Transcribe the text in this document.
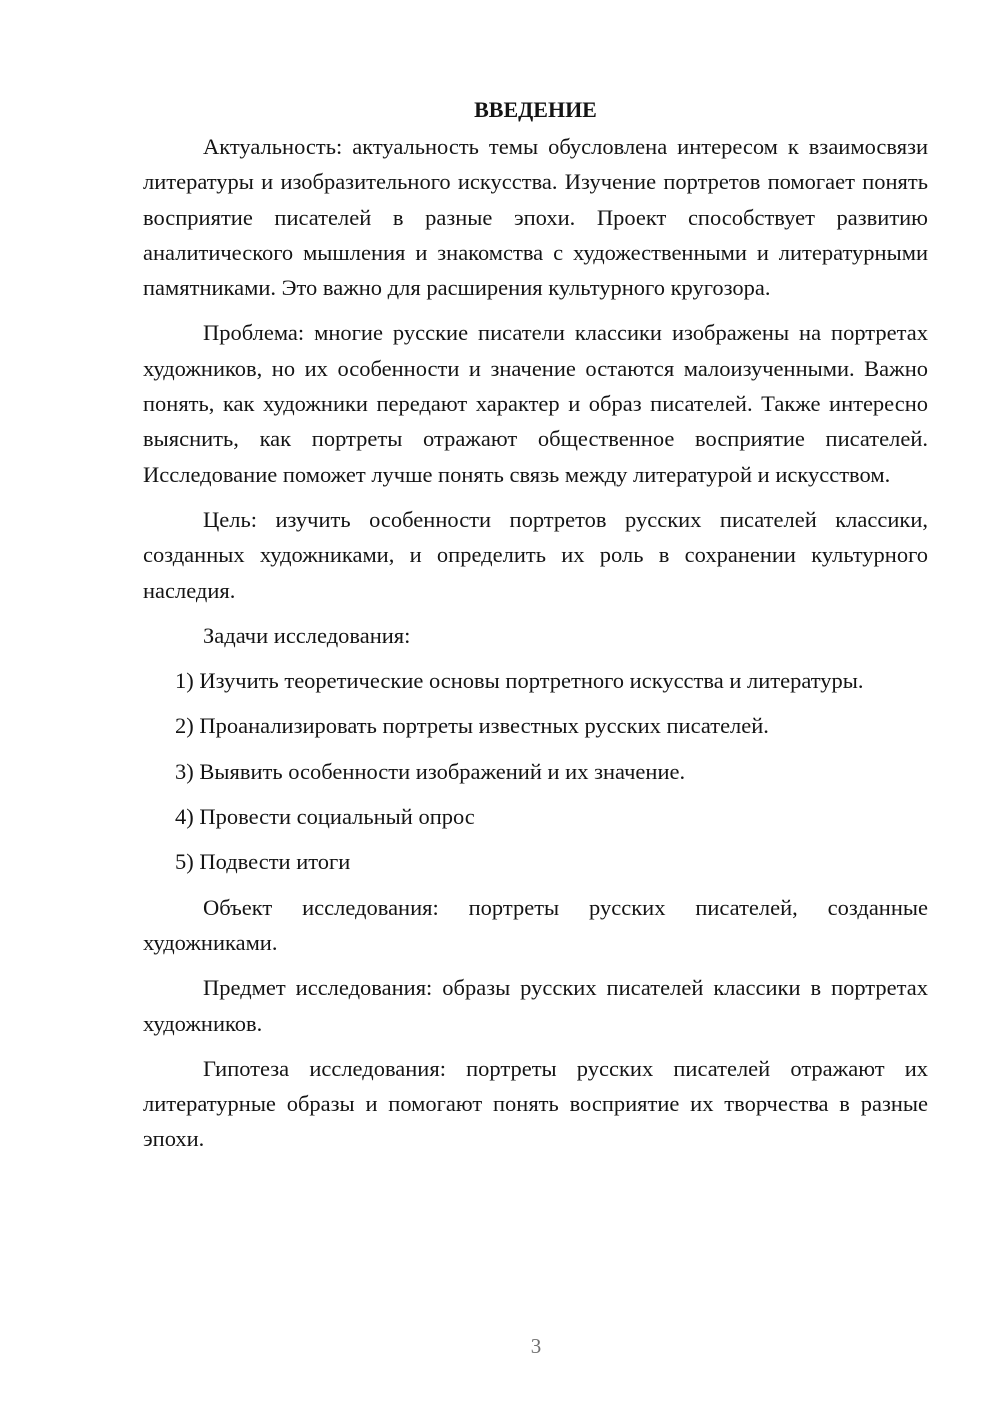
ВВЕДЕНИЕ

Актуальность: актуальность темы обусловлена интересом к взаимосвязи литературы и изобразительного искусства. Изучение портретов помогает понять восприятие писателей в разные эпохи. Проект способствует развитию аналитического мышления и знакомства с художественными и литературными памятниками. Это важно для расширения культурного кругозора.

Проблема: многие русские писатели классики изображены на портретах художников, но их особенности и значение остаются малоизученными. Важно понять, как художники передают характер и образ писателей. Также интересно выяснить, как портреты отражают общественное восприятие писателей. Исследование поможет лучше понять связь между литературой и искусством.

Цель: изучить особенности портретов русских писателей классики, созданных художниками, и определить их роль в сохранении культурного наследия.

Задачи исследования:

1) Изучить теоретические основы портретного искусства и литературы.

2) Проанализировать портреты известных русских писателей.

3) Выявить особенности изображений и их значение.

4) Провести социальный опрос

5) Подвести итоги

Объект исследования: портреты русских писателей, созданные художниками.

Предмет исследования: образы русских писателей классики в портретах художников.

Гипотеза исследования: портреты русских писателей отражают их литературные образы и помогают понять восприятие их творчества в разные эпохи.

3
